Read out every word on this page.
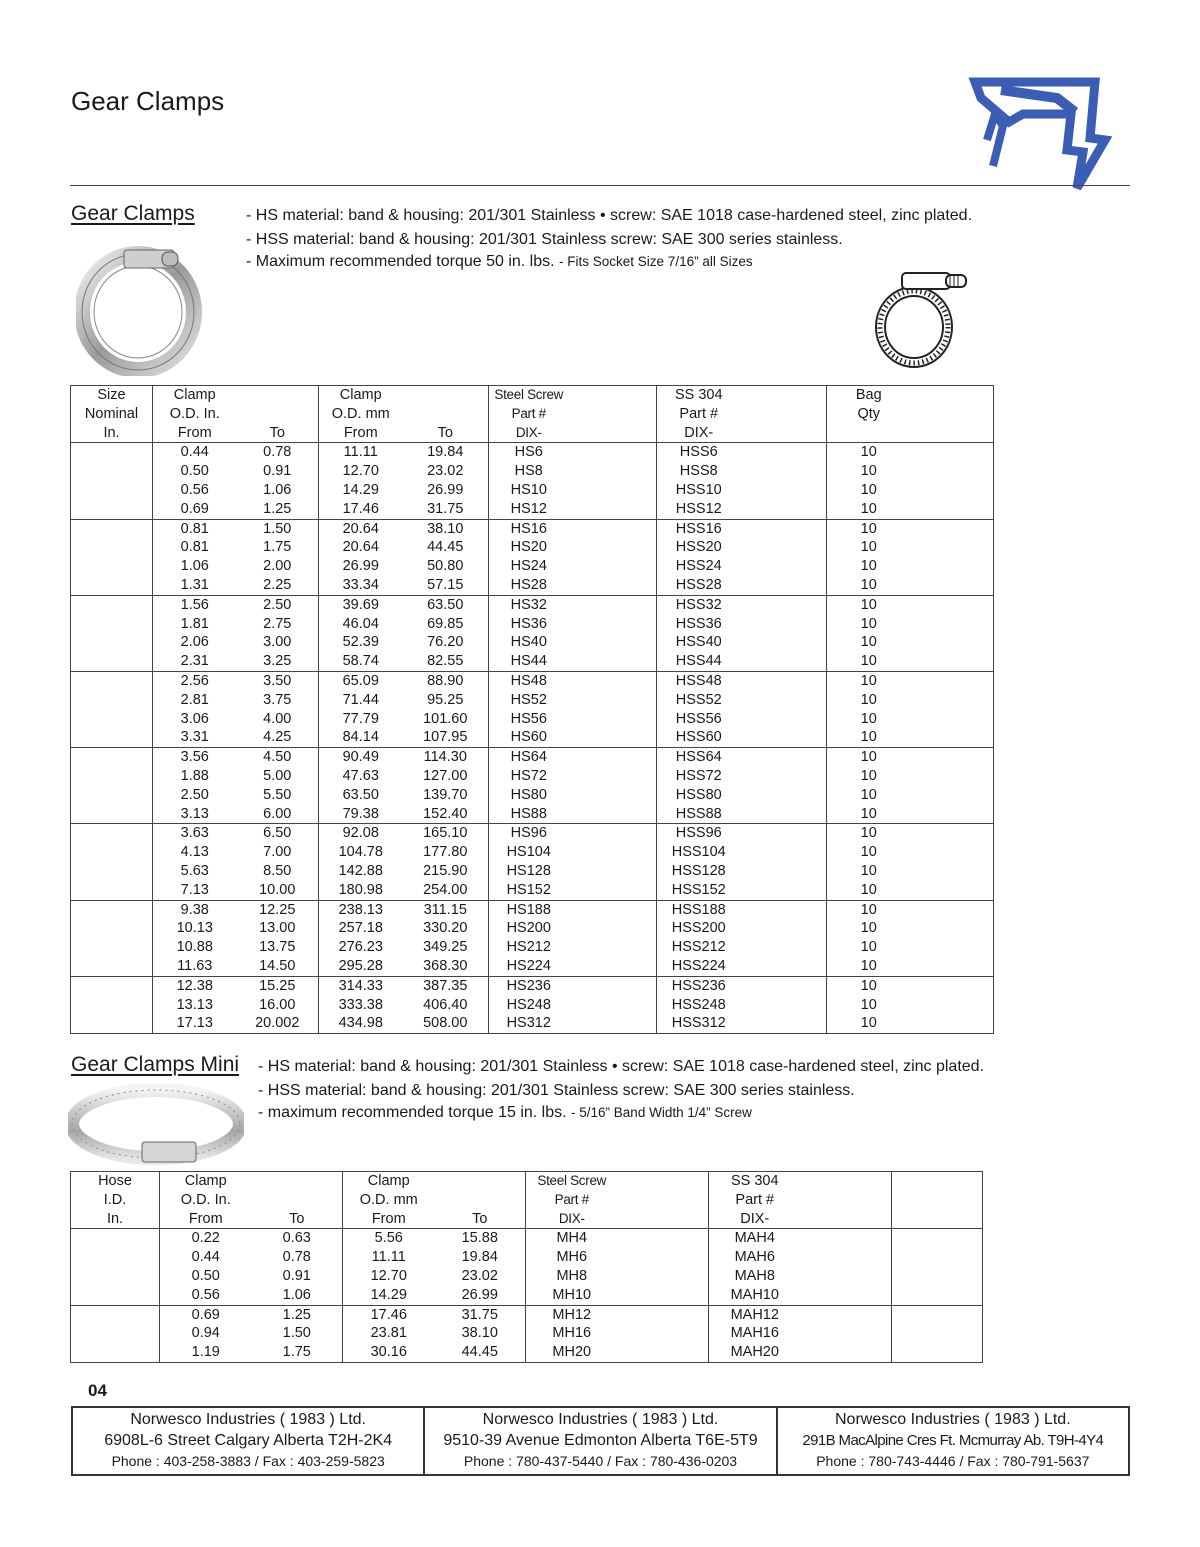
Gear Clamps
Gear Clamps	- HS material: band & housing: 201/301 Stainless • screw: SAE 1018 case-hardened steel, zinc plated.
- HSS material: band & housing: 201/301 Stainless screw: SAE 300 series stainless.
- Maximum recommended torque 50 in. lbs. - Fits Socket Size 7/16” all Sizes
Size	Clamp		Clamp		Steel Screw		SS 304		Bag	
Nominal	O.D. In.		O.D. mm		Part #		Part #		Qty	
In.	From	To	From	To	DIX-		DIX-			
	0.44	0.78	11.11	19.84	HS6		HSS6		10	
	0.50	0.91	12.70	23.02	HS8		HSS8		10	
	0.56	1.06	14.29	26.99	HS10		HSS10		10	
	0.69	1.25	17.46	31.75	HS12		HSS12		10	
	0.81	1.50	20.64	38.10	HS16		HSS16		10	
	0.81	1.75	20.64	44.45	HS20		HSS20		10	
	1.06	2.00	26.99	50.80	HS24		HSS24		10	
	1.31	2.25	33.34	57.15	HS28		HSS28		10	
	1.56	2.50	39.69	63.50	HS32		HSS32		10	
	1.81	2.75	46.04	69.85	HS36		HSS36		10	
	2.06	3.00	52.39	76.20	HS40		HSS40		10	
	2.31	3.25	58.74	82.55	HS44		HSS44		10	
	2.56	3.50	65.09	88.90	HS48		HSS48		10	
	2.81	3.75	71.44	95.25	HS52		HSS52		10	
	3.06	4.00	77.79	101.60	HS56		HSS56		10	
	3.31	4.25	84.14	107.95	HS60		HSS60		10	
	3.56	4.50	90.49	114.30	HS64		HSS64		10	
	1.88	5.00	47.63	127.00	HS72		HSS72		10	
	2.50	5.50	63.50	139.70	HS80		HSS80		10	
	3.13	6.00	79.38	152.40	HS88		HSS88		10	
	3.63	6.50	92.08	165.10	HS96		HSS96		10	
	4.13	7.00	104.78	177.80	HS104		HSS104		10	
	5.63	8.50	142.88	215.90	HS128		HSS128		10	
	7.13	10.00	180.98	254.00	HS152		HSS152		10	
	9.38	12.25	238.13	311.15	HS188		HSS188		10	
	10.13	13.00	257.18	330.20	HS200		HSS200		10	
	10.88	13.75	276.23	349.25	HS212		HSS212		10	
	11.63	14.50	295.28	368.30	HS224		HSS224		10	
	12.38	15.25	314.33	387.35	HS236		HSS236		10	
	13.13	16.00	333.38	406.40	HS248		HSS248		10	
	17.13	20.002	434.98	508.00	HS312		HSS312		10	
Gear Clamps Mini - HS material: band & housing: 201/301 Stainless • screw: SAE 1018 case-hardened steel, zinc plated.
- HSS material: band & housing: 201/301 Stainless screw: SAE 300 series stainless.
- maximum recommended torque 15 in. lbs. - 5/16” Band Width 1/4” Screw
Hose	Clamp		Clamp		Steel Screw		SS 304		
I.D.	O.D. In.		O.D. mm		Part #		Part #		
In.	From	To	From	To	DIX-		DIX-		
	0.22	0.63	5.56	15.88	MH4		MAH4		
	0.44	0.78	11.11	19.84	MH6		MAH6		
	0.50	0.91	12.70	23.02	MH8		MAH8		
	0.56	1.06	14.29	26.99	MH10		MAH10		
	0.69	1.25	17.46	31.75	MH12		MAH12		
	0.94	1.50	23.81	38.10	MH16		MAH16		
	1.19	1.75	30.16	44.45	MH20		MAH20		
04
Norwesco Industries ( 1983 ) Ltd.
6908L-6 Street Calgary Alberta T2H-2K4
Phone : 403-258-3883 / Fax : 403-259-5823

Norwesco Industries ( 1983 ) Ltd.
9510-39 Avenue Edmonton Alberta T6E-5T9
Phone : 780-437-5440 / Fax : 780-436-0203

Norwesco Industries ( 1983 ) Ltd.
291B MacAlpine Cres Ft. Mcmurray Ab. T9H-4Y4
Phone : 780-743-4446 / Fax : 780-791-5637
